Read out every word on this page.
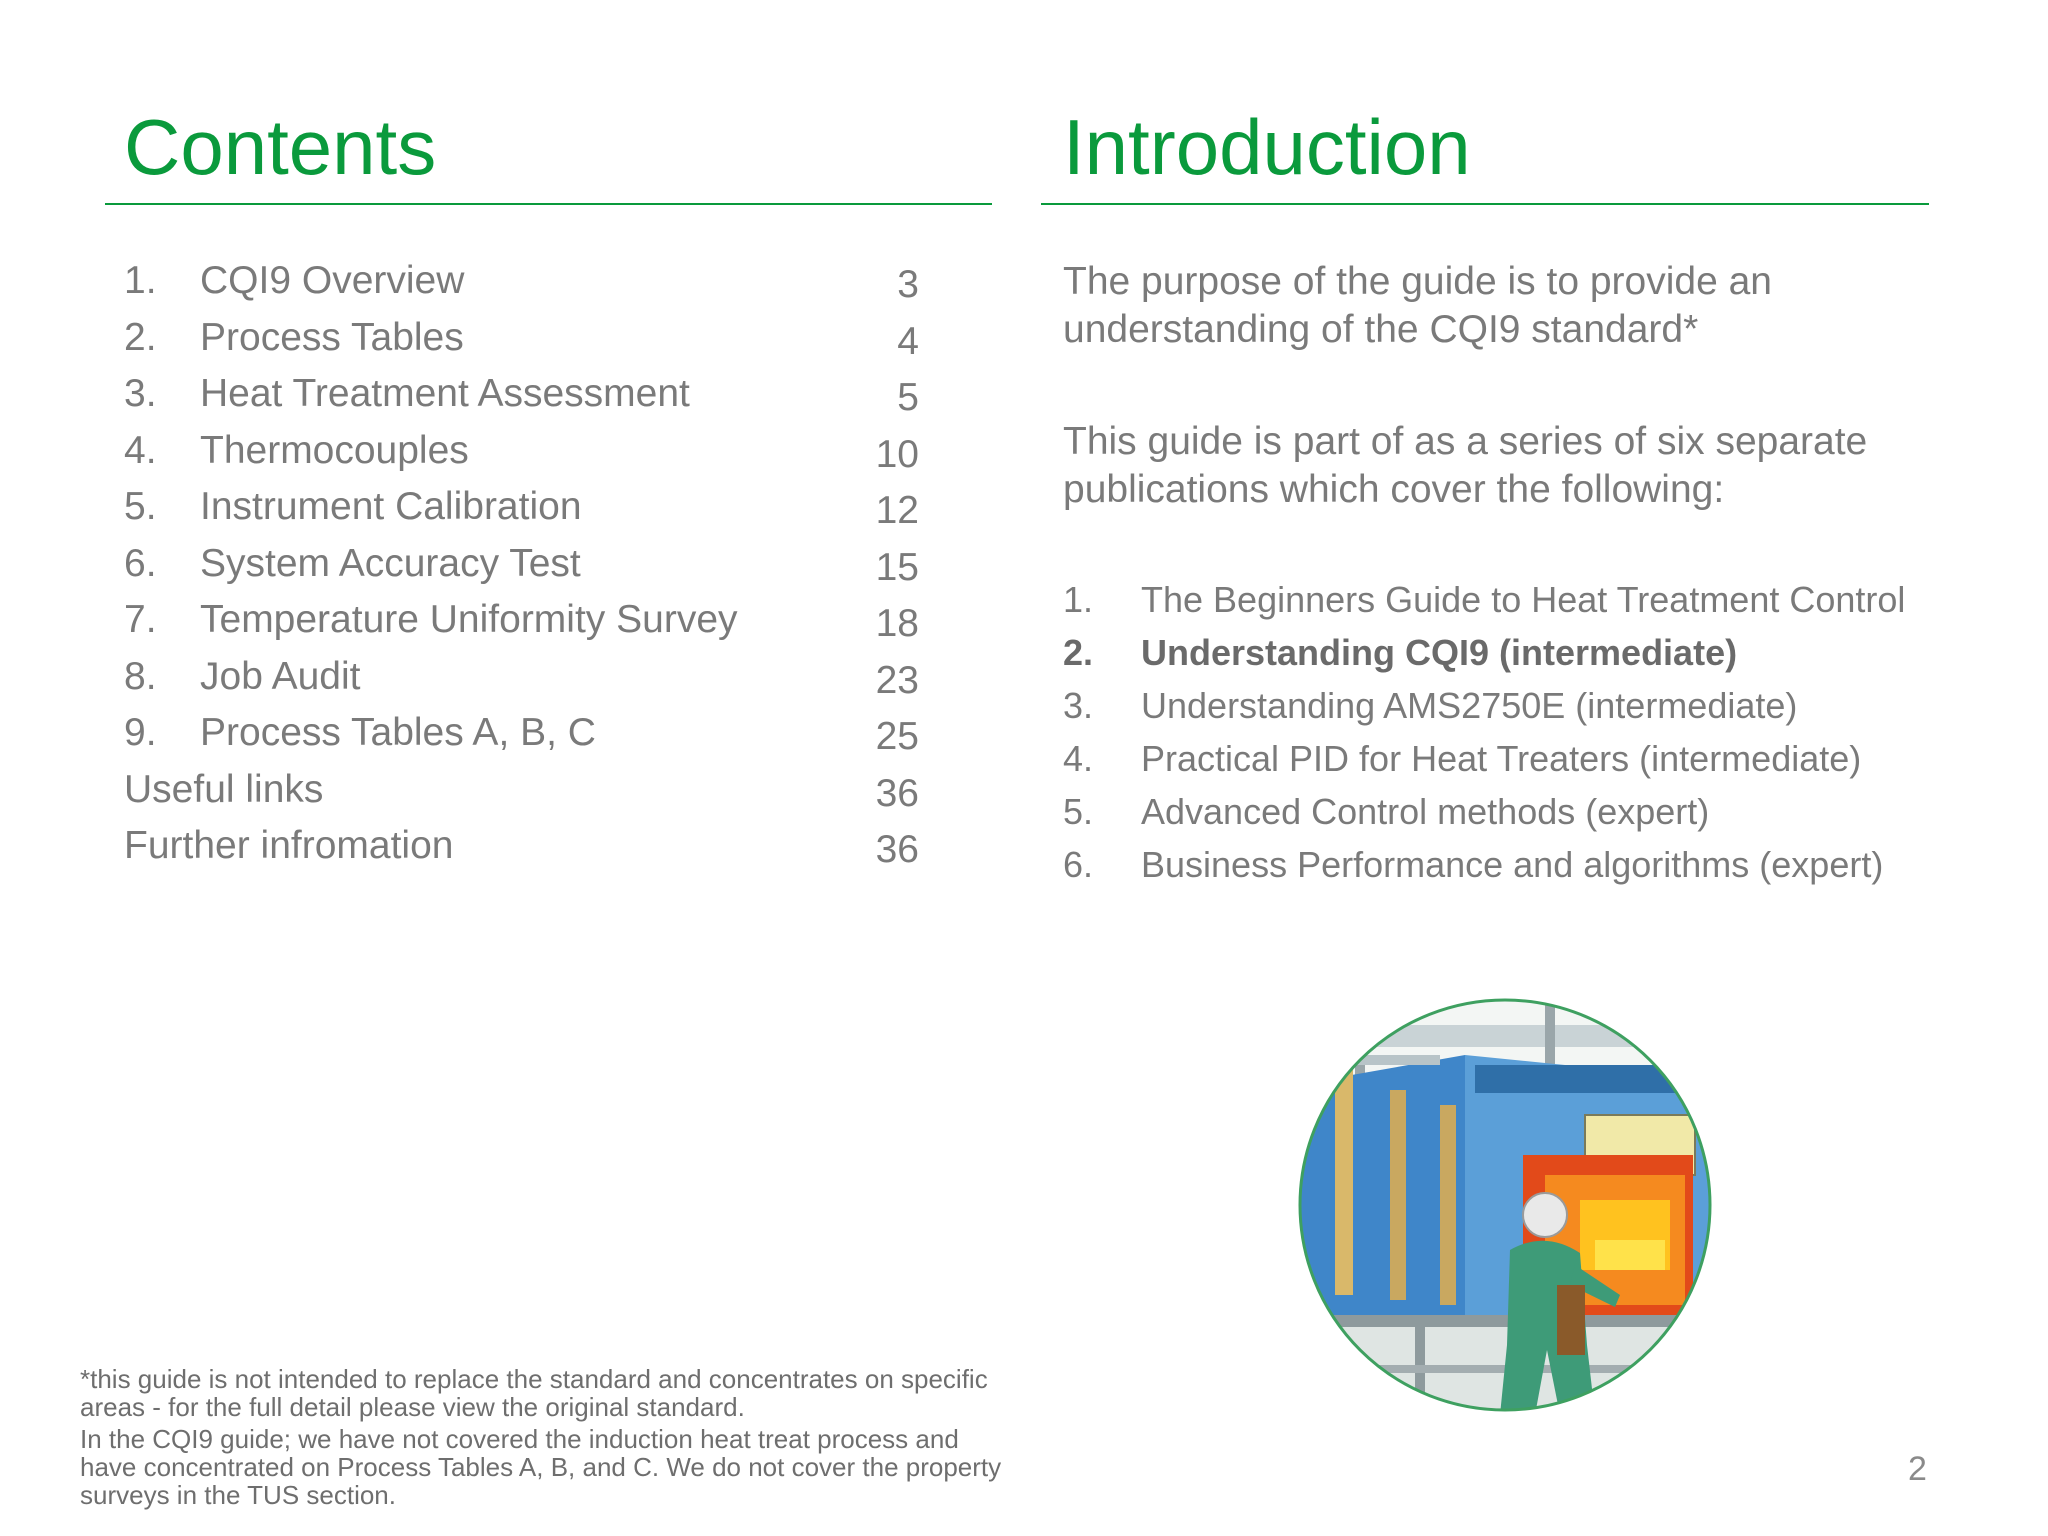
Contents
1. CQI9 Overview	3
2. Process Tables	4
3. Heat Treatment Assessment	5
4. Thermocouples	10
5. Instrument Calibration	12
6. System Accuracy Test	15
7. Temperature Uniformity Survey	18
8. Job Audit	23
9. Process Tables A, B, C	25
Useful links	36
Further infromation	36
Introduction

The purpose of the guide is to provide an understanding of the CQI9 standard*

This guide is part of as a series of six separate publications which cover the following:

1. The Beginners Guide to Heat Treatment Control
2. Understanding CQI9 (intermediate)
3. Understanding AMS2750E (intermediate)
4. Practical PID for Heat Treaters (intermediate)
5. Advanced Control methods (expert)
6. Business Performance and algorithms (expert)

*this guide is not intended to replace the standard and concentrates on specific areas - for the full detail please view the original standard.

In the CQI9 guide; we have not covered the induction heat treat process and have concentrated on Process Tables A, B, and C. We do not cover the property surveys in the TUS section.

2
